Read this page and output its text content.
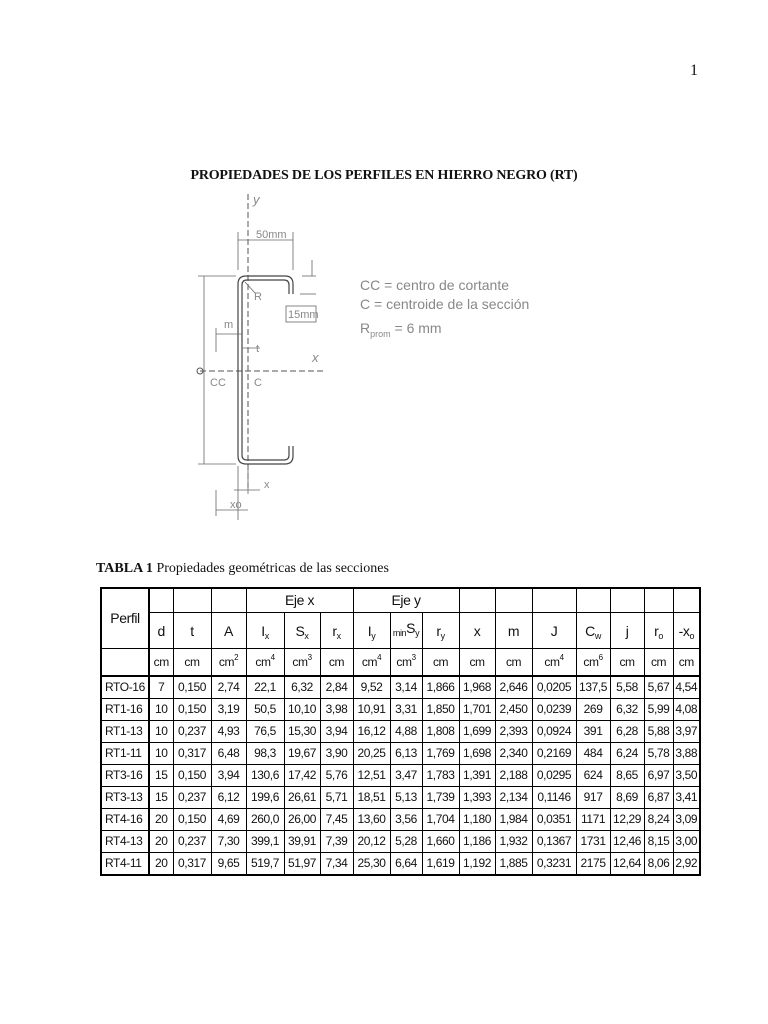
1
PROPIEDADES DE LOS PERFILES EN HIERRO NEGRO (RT)
y
x
50mm
15mm
R
m
t
CC	C
x
xo
CC = centro de cortante
C = centroide de la sección
$R_{prom} = 6$ mm
TABLA 1 Propiedades geométricas de las secciones
Perfil				Eje x			Eje y									
	d	t	A	$I_x$	$S_x$	$r_x$	$I_y$	$_{min}S_y$	$r_y$	x	m	J	$C_w$	j	$r_o$	$-x_o$
	cm	cm	$cm^2$	$cm^4$	$cm^3$	cm	$cm^4$	$cm^3$	cm	cm	cm	$cm^4$	$cm^6$	cm	cm	cm
RTO-16	7	0,150	2,74	22,1	6,32	2,84	9,52	3,14	1,866	1,968	2,646	0,0205	137,5	5,58	5,67	4,54
RT1-16	10	0,150	3,19	50,5	10,10	3,98	10,91	3,31	1,850	1,701	2,450	0,0239	269	6,32	5,99	4,08
RT1-13	10	0,237	4,93	76,5	15,30	3,94	16,12	4,88	1,808	1,699	2,393	0,0924	391	6,28	5,88	3,97
RT1-11	10	0,317	6,48	98,3	19,67	3,90	20,25	6,13	1,769	1,698	2,340	0,2169	484	6,24	5,78	3,88
RT3-16	15	0,150	3,94	130,6	17,42	5,76	12,51	3,47	1,783	1,391	2,188	0,0295	624	8,65	6,97	3,50
RT3-13	15	0,237	6,12	199,6	26,61	5,71	18,51	5,13	1,739	1,393	2,134	0,1146	917	8,69	6,87	3,41
RT4-16	20	0,150	4,69	260,0	26,00	7,45	13,60	3,56	1,704	1,180	1,984	0,0351	1171	12,29	8,24	3,09
RT4-13	20	0,237	7,30	399,1	39,91	7,39	20,12	5,28	1,660	1,186	1,932	0,1367	1731	12,46	8,15	3,00
RT4-11	20	0,317	9,65	519,7	51,97	7,34	25,30	6,64	1,619	1,192	1,885	0,3231	2175	12,64	8,06	2,92
